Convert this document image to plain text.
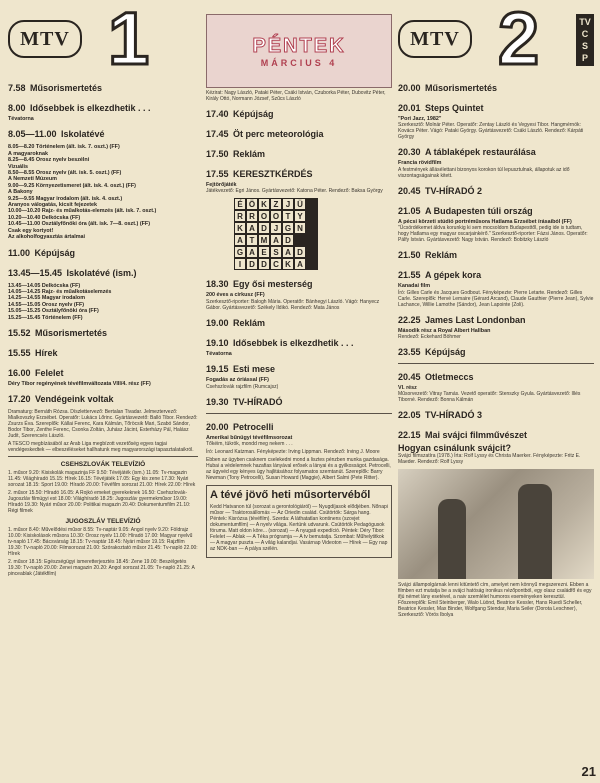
MTV 1
7.58 Műsorismertetés
8.00 Idősebbek is elkezdhetik . . .
Tévatorna
8.05—11.00 Iskolatévé
8.05—8.20 Történelem (ált. isk. 7. oszt.) (FF)
A magyaroknak
8.25—8.45 Orosz nyelv beszélni
Vizuális
8.50—8.55 Orosz nyelv (ált. isk. 5. oszt.) (FF)
A Nemzeti Múzeum
9.00—9.25 Környezetismeret (ált. isk. 4. oszt.) (FF)
A Bakony
9.25—9.55 Magyar irodalom (ált. isk. 4. oszt.)
Aranyos válogatás, kicsit fejezetek
10.00—10.20 Rajz- és műalkotás-elemzés (ált. isk. 7. oszt.)
10.20—10.40 Delkócska (FF)
10.45—11.00 Osztályfőnöki óra (ált. isk. 7—8. oszt.) (FF)
Csak egy kortyot!
Az alkoholfogyasztás ártalmai
11.00 Képújság
13.45—15.45 Iskolatévé (ism.)
13.45—14.05 Delkócska (FF)
14.05—14.25 Rajz- és műalkotáselemzés
14.25—14.55 Magyar irodalom
14.55—15.05 Orosz nyelv (FF)
15.05—15.25 Osztályfőnöki óra (FF)
15.25—15.45 Történelem (FF)
15.52 Műsorismertetés
15.55 Hírek
16.00 Felelet
Déry Tibor regényének tévéfilmváltozata VIII/4. rész (FF)
17.20 Vendégeink voltak
Dramaturg: Bernáth Rózsa. Díszlettervező: Bertalan Tivadar. Jelmeztervező: Mialkovszky Erzsébet. Operatőr: Lukács Lőrinc. Gyártásvezető: Balló Tibor. Rendező: Zsurzs Éva. Szereplők: Kállai Ferenc, Kara Kálmán, Tőröcsik Mari, Szabó Sándor, Bodor Tibor, Zenthe Ferenc, Csonka Zoltán, Juhász Jácint, Esterházy Pál, Halász Judit, Szerencsés László.
A TESCO megbízásából az Arab Liga megbízott vezetőség egyes tagjai vendégeskedtek — elbeszéléseket hallhatunk meg magyarországi tapasztalataikról.
CSEHSZLOVÁK TELEVÍZIÓ
1. műsor 9.20: Kisiskolák magazinja FF 9.50: Tévéjáték (ism.) 11.05: Tv-magazin 11.45: Világhíradó 15.15: Hírek 16.15: Tévéjáték 17.05: Egy kis zene 17.30: Nyári sorozat 18.15: Sport 19.00: Híradó 20.00: Tévéfilm sorozat 21.00: Hírek 22.00: Hírek
2. műsor 15.50: Híradó 16.05: A Rojkó emeket gyerekeknek 16.50: Csehszlovák-Jugoszláv filmügyi est 18.00: Világhíradó 18.25: Jugoszláv gyermekműsor 19.00: Híradó 19.30: Nyári műsor 20.00: Politikai magazin 20.40: Dokumentumfilm 21.10: Régi filmek
JUGOSZLÁV TELEVÍZIÓ
1. műsor 8.40: Művelődési műsor 8.55: Tv-naptár 9.05: Angol nyelv 9.20: Földrajz 10.00: Kisiskolások műsora 10.30: Orosz nyelv 11.00: Híradó 17.00: Magyar nyelvű tv-napló 17.45: Bácsvárság 18.15: Tv-naptár 18.45: Nyári műsor 19.15: Rajzfilm 19.30: Tv-napló 20.00: Filmsorozat 21.00: Szórakoztató műsor 21.45: Tv-napló 22.00: Hírek
2. műsor 18.15: Egészségügyi ismeretterjesztés 18.45: Zene 19.00: Beszélgetés 19.30: Tv-napló 20.00: Zenei magazin 20.20: Angol sorozat 21.05: Tv-napló 21.25: A pinceablak (Játékfilm)
PÉNTEK
MÁRCIUS 4
Kézirat: Nagy László, Pataki Péter, Csáki István, Czuborka Péter, Dubovitz Péter, Király Ottó, Normann József, Szűcs László
17.40 Képújság
17.45 Öt perc meteorológia
17.50 Reklám
17.55 KERESZTKÉRDÉS
Fejtörőjáték
Játékvezető: Egri János. Gyártásvezető: Katona Péter. Rendező: Baksa György
É Ö K Z J Ü
R R O O T Y
K A D J G N
A T M A D
G A E S A D
I	D D C K A
18.30 Egy ősi mesterség
200 éves a cirkusz (FF)
Szerkesztő-riporter: Balogh Mária. Operatőr: Bánhegyi László. Vágó: Hanyecz Gábor. Gyártásvezető: Székely Ildikó. Rendező: Mata János
19.00 Reklám
19.10 Idősebbek is elkezdhetik . . .
Tévatorna
19.15 Esti mese
Fogadás az óriással (FF)
Csehszlovák rajzfilm (Rumcajsz)
19.30 TV-HÍRADÓ
20.00 Petrocelli
Amerikai bűnügyi tévéfilmsorozat
Tőkéim, tükrök, mondd meg nekem . . .
Író: Leonard Katzman. Fényképezte: Irving Lippman. Rendező: Irving J. Moore
Ebben az ügyben csaknem cselekedni mond a lisztes pénzben munka gazdasága. Hubai a védelemnek hazafias lányával erősek a lányai és a gyilkosságot. Petrocelli, az ügyvéd egy kényes ügy hajlitásához folyamatos szemtanút. Szereplők: Barry Newman (Tony Petrocelli), Susan Howard (Maggie), Albert Salmi (Pete Ritter).
A tévé jövő heti műsortervéből
Kedd Hatvanon túl (sorozat a gerontológiáról) — Nyugdíjasok elődjében. Nőnapi műsor — Traktorosállomás — Az Oriedin család. Csütörtök: Sárga hang. Péntek: Kisrózsa (tévéfilm). Szerda: A láthatatlan kontinens (szovjet dokumentumfilm) — A nyelv világa. Kertünk udvarunk. Csütörtök Pedagógusok fóruma. Matt oldon köre... (sorozat) — A nyugati expedíció. Péntek: Déry Tibor: Felelet — Ablak — A Téka prógramja — A tv bemutatja. Szombat: Műhelytitkok — A magyar puszta — A világ kalandjai. Vasárnap Videoton — Hírek — Egy nap az NDK-ban — A pálya szélén.
MTV 2	TV
C
S
P
20.00 Műsorismertetés
20.01 Steps Quintet
"Pori Jazz, 1982"
Szerkesztő: Molnár Péter. Operatőr: Zentay László és Vegyesi Tibor. Hangmérnök: Kovács Péter. Vágó: Pataki György. Gyártásvezető: Csáki László. Rendező: Kárpáti György
20.30 A táblaképek restaurálása
Francia rövidfilm
A festmények állásélettani bizonyos korokon túl lepusztulnak, állapotuk az idő viszontagságainak kitett.
20.45 TV-HÍRADÓ 2
21.05 A Budapesten túli ország
A pécsi körzeti stúdió portréműsora Hatlama Erzsébet írásaiból (FF)
"Ücsördékemet áldva korunkig ki sem mocsoldom Budapesttől, pedig ide is tudtam, hogy Hatlama egy magyar oscarjainkérő." Szerkesztő-riporter: Fázsi János. Operatőr: Pálfy István. Gyártásvezető: Nagy István. Rendező: Bobitzky László
21.50 Reklám
21.55 A gépek kora
Kanadai film
Író: Gilles Carle és Jacques Godbout. Fényképezte: Pierre Letarte. Rendező: Gilles Carle. Szereplők: Hervé Lemaire (Gérard Arcand), Claude Gauthier (Pierre Jean), Sylvie Lachance, Willie Lamothe (Sándor), Jean Lapointe (Zoli).
22.25 James Last Londonban
Második rész a Royal Albert Hallban
Rendező: Eckehard Böhmer
23.55 Képújság
20.45 Otletmeccs
VI. rész
Műsorvezető: Vitray Tamás. Vezető operatőr: Stenszky Gyula. Gyártásvezető: Illés Tiborné. Rendező: Bonna Kálmán
22.05 TV-HÍRADÓ 3
22.15 Mai svájci filmművészet
Hogyan csinálunk svájcit?
Svájci filmszatíra (1978.) Írta: Rolf Lyssy és Christa Maerker. Fényképezte: Fritz E. Maeder. Rendező: Rolf Lyssy
Svájci állampolgárnak lenni kitüntető cím, amelyet nem könnyű megszerezni. Ebben a filmben ezt mutatja be a svájci hatóság ironikus nézőpontból, egy olasz családfő és egy ifjú német lány esetével, a naiv szemlélet humoros eseményeken keresztül. Főszereplők: Emil Steinberger, Walo Lüönd, Beatrice Kessler, Hans Ruedi Scheller, Beatrice Kessler, Max Binder, Wolfgang Stendar, Maria Seiler (Dorota Leschner), Szerkesztő: Vörös Ibolya
21
